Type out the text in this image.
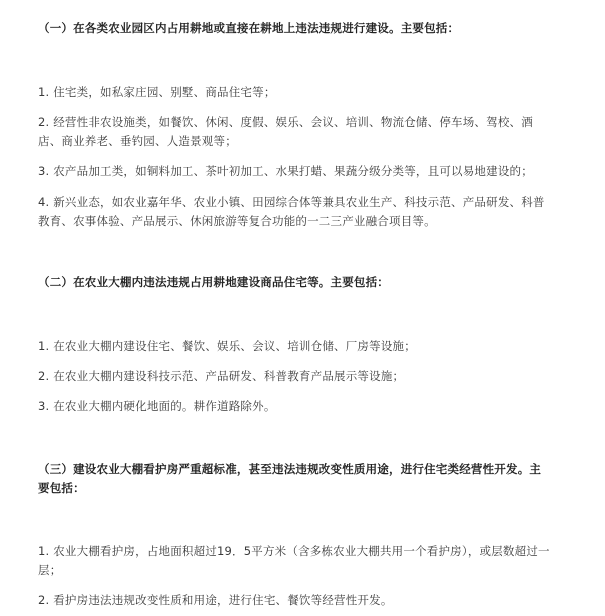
（一）在各类农业园区内占用耕地或直接在耕地上违法违规进行建设。主要包括：
1. 住宅类，如私家庄园、别墅、商品住宅等；
2. 经营性非农设施类，如餐饮、休闲、度假、娱乐、会议、培训、物流仓储、停车场、驾校、酒
店、商业养老、垂钓园、人造景观等；
3. 农产品加工类，如铜料加工、茶叶初加工、水果打蜡、果蔬分级分类等，且可以易地建设的；
4. 新兴业态，如农业嘉年华、农业小镇、田园综合体等兼具农业生产、科技示范、产品研发、科普
教育、农事体验、产品展示、休闲旅游等复合功能的一二三产业融合项目等。
（二）在农业大棚内违法违规占用耕地建设商品住宅等。主要包括：
1. 在农业大棚内建设住宅、餐饮、娱乐、会议、培训仓储、厂房等设施；
2. 在农业大棚内建设科技示范、产品研发、科普教育产品展示等设施；
3. 在农业大棚内硬化地面的。耕作道路除外。
（三）建设农业大棚看护房严重超标准，甚至违法违规改变性质用途，进行住宅类经营性开发。主
要包括：
1. 农业大棚看护房，占地面积超过19．5平方米（含多栋农业大棚共用一个看护房），或层数超过一
层；
2. 看护房违法违规改变性质和用途，进行住宅、餐饮等经营性开发。
